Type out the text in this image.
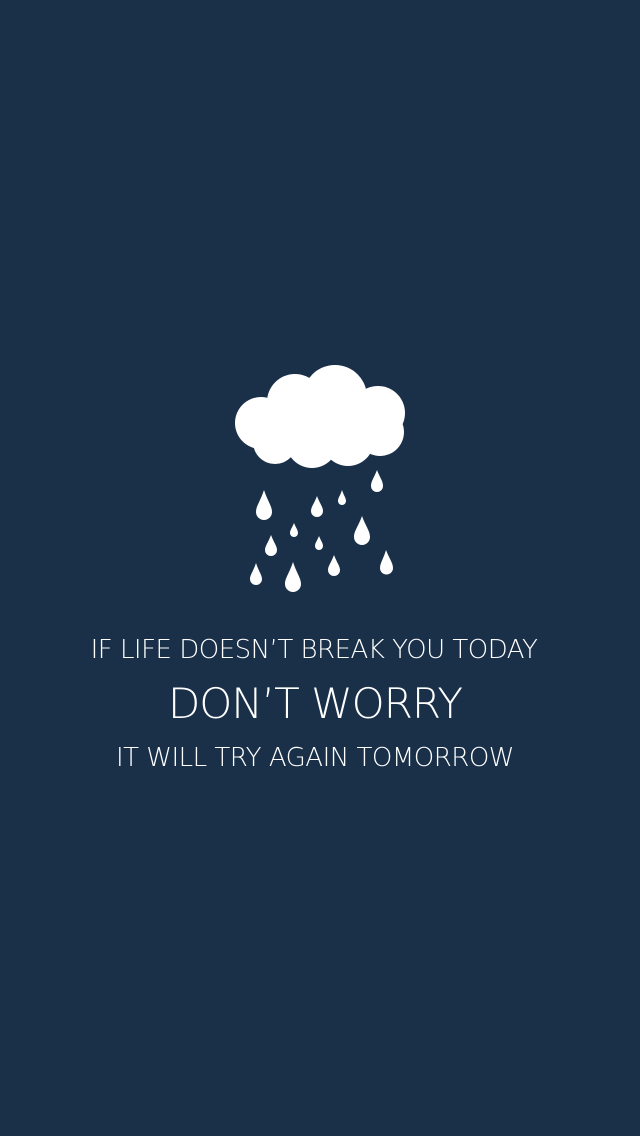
IF LIFE DOESN’T BREAK YOU TODAY
DON’T WORRY
IT WILL TRY AGAIN TOMORROW
